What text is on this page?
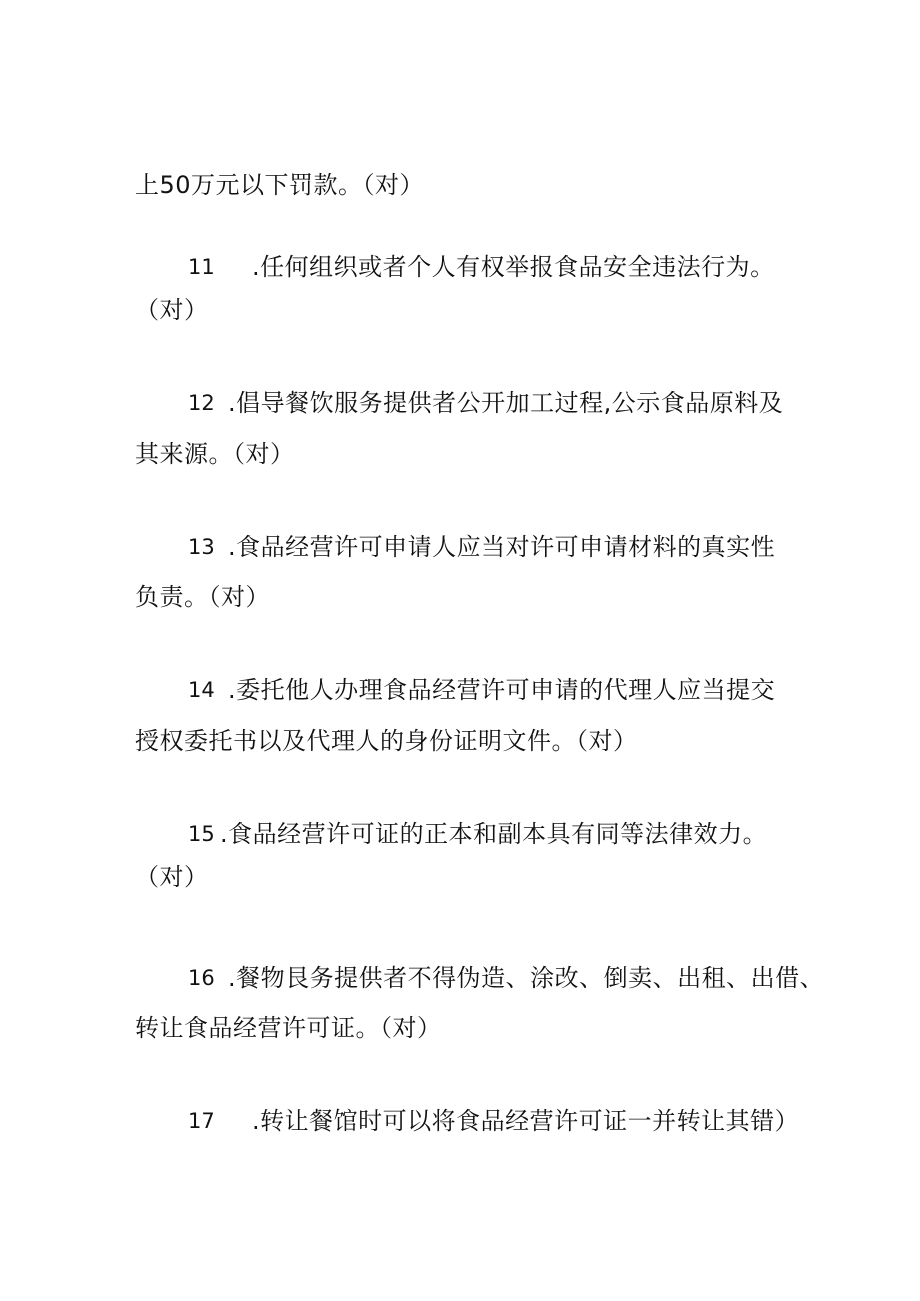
上50万元以下罚款。（对）
11 .任何组织或者个人有权举报食品安全违法行为。
（对）
12 .倡导餐饮服务提供者公开加工过程,公示食品原料及
其来源。（对）
13 .食品经营许可申请人应当对许可申请材料的真实性
负责。（对）
14 .委托他人办理食品经营许可申请的代理人应当提交
授权委托书以及代理人的身份证明文件。（对）
15 .食品经营许可证的正本和副本具有同等法律效力。
（对）
16 .餐物艮务提供者不得伪造、涂改、倒卖、出租、出借、
转让食品经营许可证。（对）
17 .转让餐馆时可以将食品经营许可证一并转让其错）
